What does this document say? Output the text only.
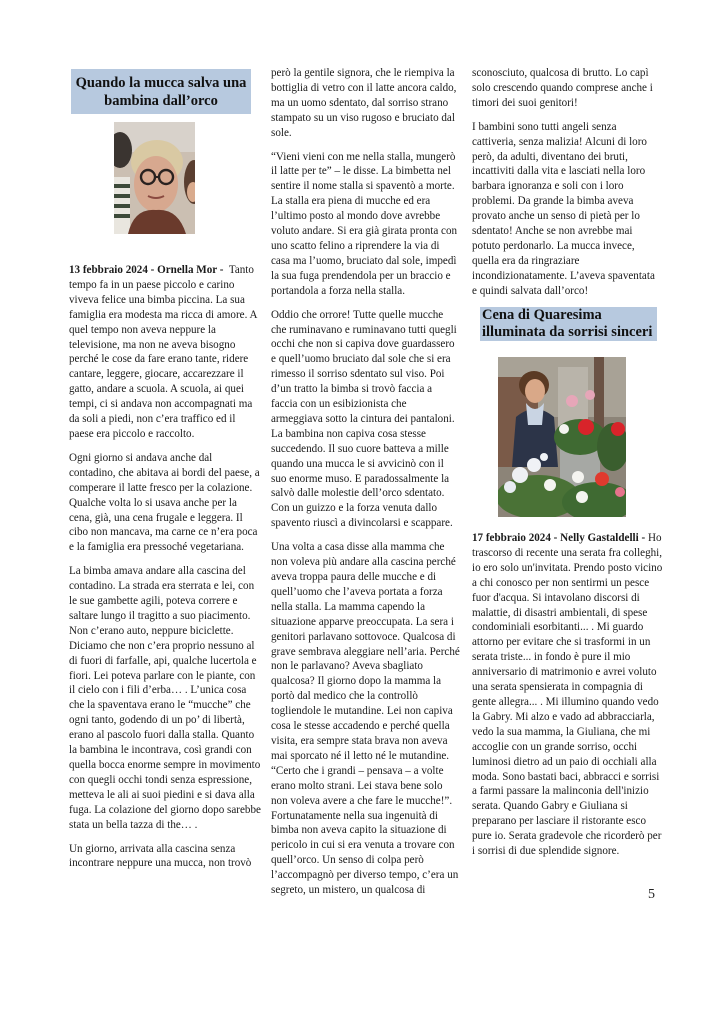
Quando la mucca salva una bambina dall’orco

13 febbraio 2024 - Ornella Mor - Tanto tempo fa in un paese piccolo e carino viveva felice una bimba piccina. La sua famiglia era modesta ma ricca di amore. A quel tempo non aveva neppure la televisione, ma non ne aveva bisogno perché le cose da fare erano tante, ridere cantare, leggere, giocare, accarezzare il gatto, andare a scuola. A scuola, ai quei tempi, ci si andava non accompagnati ma da soli a piedi, non c’era traffico ed il paese era piccolo e raccolto.

Ogni giorno si andava anche dal contadino, che abitava ai bordi del paese, a comperare il latte fresco per la colazione. Qualche volta lo si usava anche per la cena, già, una cena frugale e leggera. Il cibo non mancava, ma carne ce n’era poca e la famiglia era pressoché vegetariana.

La bimba amava andare alla cascina del contadino. La strada era sterrata e lei, con le sue gambette agili, poteva correre e saltare lungo il tragitto a suo piacimento. Non c’erano auto, neppure biciclette. Diciamo che non c’era proprio nessuno al di fuori di farfalle, api, qualche lucertola e fiori. Lei poteva parlare con le piante, con il cielo con i fili d’erba… . L’unica cosa che la spaventava erano le “mucche” che ogni tanto, godendo di un po’ di libertà, erano al pascolo fuori dalla stalla. Quanto la bambina le incontrava, così grandi con quella bocca enorme sempre in movimento con quegli occhi tondi senza espressione, metteva le ali ai suoi piedini e si dava alla fuga. La colazione del giorno dopo sarebbe stata un bella tazza di the… .

Un giorno, arrivata alla cascina senza incontrare neppure una mucca, non trovò

però la gentile signora, che le riempiva la bottiglia di vetro con il latte ancora caldo, ma un uomo sdentato, dal sorriso strano stampato su un viso rugoso e bruciato dal sole.

“Vieni vieni con me nella stalla, mungerò il latte per te” – le disse. La bimbetta nel sentire il nome stalla si spaventò a morte. La stalla era piena di mucche ed era l’ultimo posto al mondo dove avrebbe voluto andare. Si era già girata pronta con uno scatto felino a riprendere la via di casa ma l’uomo, bruciato dal sole, impedì la sua fuga prendendola per un braccio e portandola a forza nella stalla.

Oddio che orrore! Tutte quelle mucche che ruminavano e ruminavano tutti quegli occhi che non si capiva dove guardassero e quell’uomo bruciato dal sole che si era rimesso il sorriso sdentato sul viso. Poi d’un tratto la bimba si trovò faccia a faccia con un esibizionista che armeggiava sotto la cintura dei pantaloni. La bambina non capiva cosa stesse succedendo. Il suo cuore batteva a mille quando una mucca le si avvicinò con il suo enorme muso. E paradossalmente la salvò dalle molestie dell’orco sdentato. Con un guizzo e la forza venuta dallo spavento riuscì a divincolarsi e scappare.

Una volta a casa disse alla mamma che non voleva più andare alla cascina perché aveva troppa paura delle mucche e di quell’uomo che l’aveva portata a forza nella stalla. La mamma capendo la situazione apparve preoccupata. La sera i genitori parlavano sottovoce. Qualcosa di grave sembrava aleggiare nell’aria. Perché non le parlavano? Aveva sbagliato qualcosa? Il giorno dopo la mamma la portò dal medico che la controllò togliendole le mutandine. Lei non capiva cosa le stesse accadendo e perché quella visita, era sempre stata brava non aveva mai sporcato né il letto né le mutandine. “Certo che i grandi – pensava – a volte erano molto strani. Lei stava bene solo non voleva avere a che fare le mucche!”. Fortunatamente nella sua ingenuità di bimba non aveva capito la situazione di pericolo in cui si era venuta a trovare con quell’orco. Un senso di colpa però l’accompagnò per diverso tempo, c’era un segreto, un mistero, un qualcosa di

sconosciuto, qualcosa di brutto. Lo capì solo crescendo quando comprese anche i timori dei suoi genitori!

I bambini sono tutti angeli senza cattiveria, senza malizia! Alcuni di loro però, da adulti, diventano dei bruti, incattiviti dalla vita e lasciati nella loro barbara ignoranza e soli con i loro problemi. Da grande la bimba aveva provato anche un senso di pietà per lo sdentato! Anche se non avrebbe mai potuto perdonarlo. La mucca invece, quella era da ringraziare incondizionatamente. L’aveva spaventata e quindi salvata dall’orco!

Cena di Quaresima illuminata da sorrisi sinceri

17 febbraio 2024 - Nelly Gastaldelli - Ho trascorso di recente una serata fra colleghi, io ero solo un'invitata. Prendo posto vicino a chi conosco per non sentirmi un pesce fuor d'acqua. Si intavolano discorsi di malattie, di disastri ambientali, di spese condominiali esorbitanti... . Mi guardo attorno per evitare che si trasformi in un serata triste... in fondo è pure il mio anniversario di matrimonio e avrei voluto una serata spensierata in compagnia di gente allegra... . Mi illumino quando vedo la Gabry. Mi alzo e vado ad abbracciarla, vedo la sua mamma, la Giuliana, che mi accoglie con un grande sorriso, occhi luminosi dietro ad un paio di occhiali alla moda. Sono bastati baci, abbracci e sorrisi a farmi passare la malinconia dell'inizio serata. Quando Gabry e Giuliana si preparano per lasciare il ristorante esco pure io. Serata gradevole che ricorderò per i sorrisi di due splendide signore.

5
